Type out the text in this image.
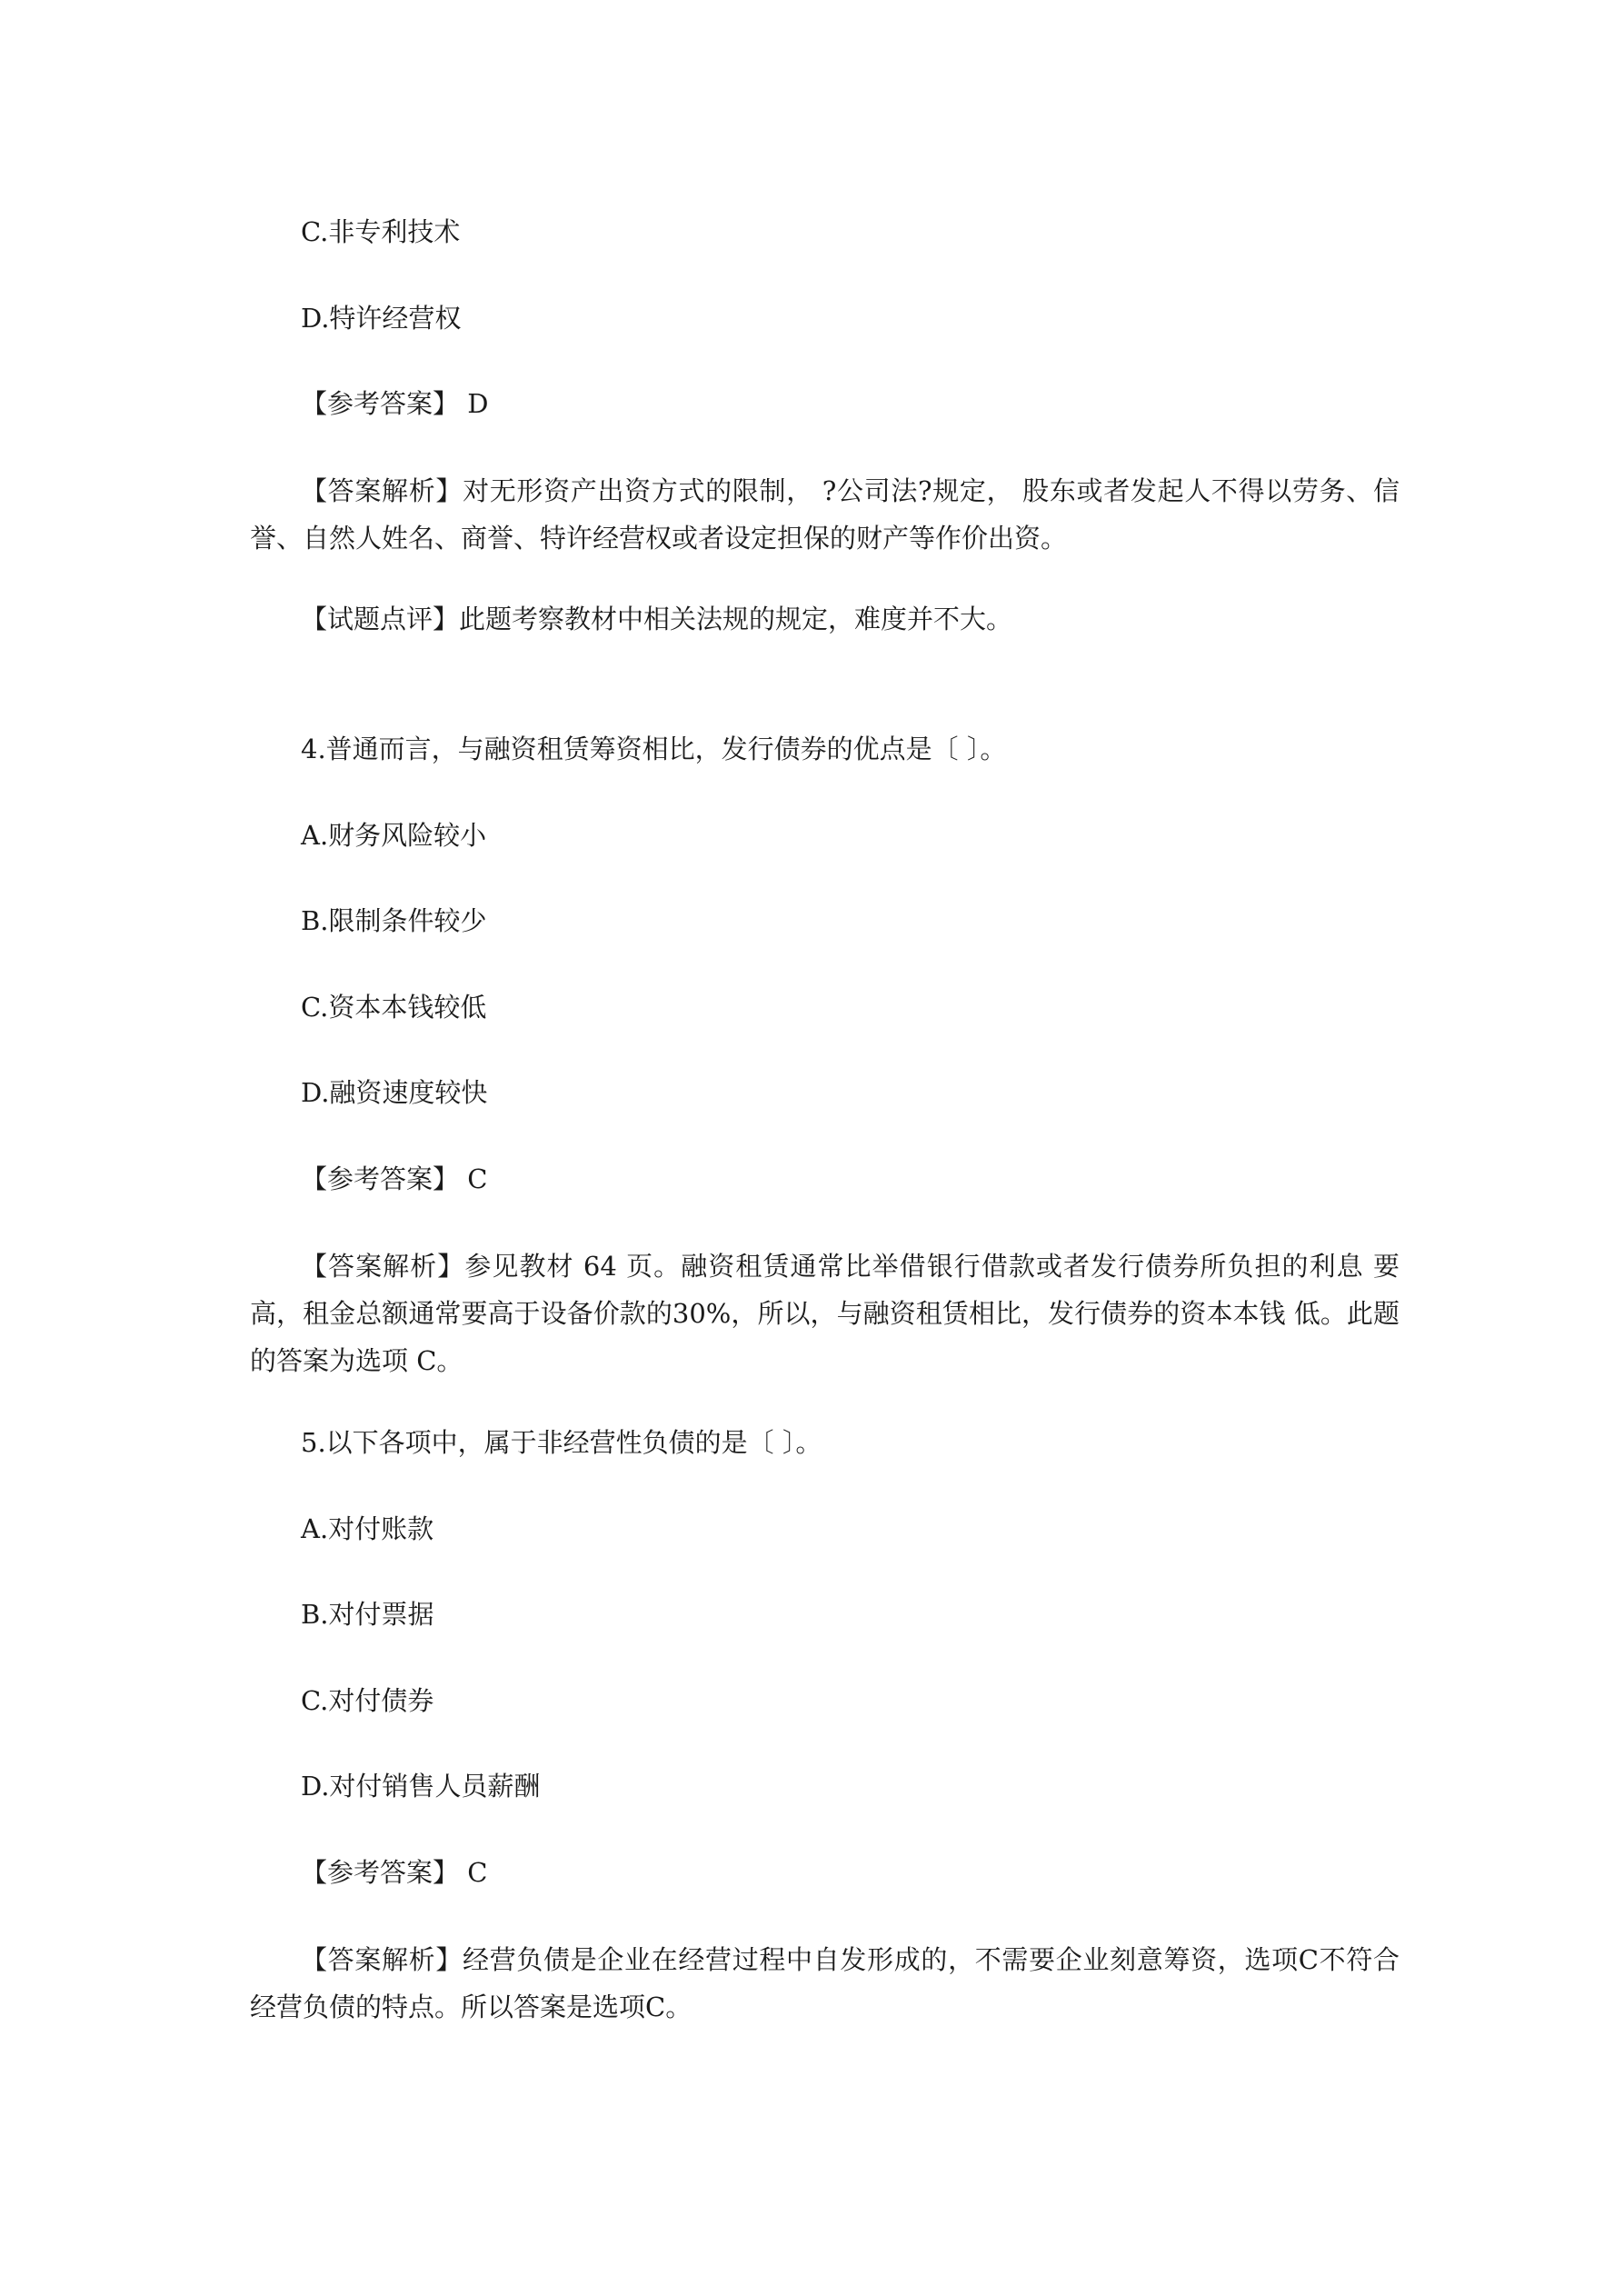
C.非专利技术
D.特许经营权
【参考答案】 D
【答案解析】对无形资产出资方式的限制， ?公司法?规定， 股东或者发起人不得以劳务、信誉、自然人姓名、商誉、特许经营权或者设定担保的财产等作价出资。
【试题点评】此题考察教材中相关法规的规定，难度并不大。
4.普通而言，与融资租赁筹资相比，发行债券的优点是〔 〕。
A.财务风险较小
B.限制条件较少
C.资本本钱较低
D.融资速度较快
【参考答案】 C
【答案解析】参见教材 64 页。融资租赁通常比举借银行借款或者发行债券所负担的利息 要高，租金总额通常要高于设备价款的30%，所以，与融资租赁相比，发行债券的资本本钱 低。此题的答案为选项 C。
5.以下各项中，属于非经营性负债的是〔 〕。
A.对付账款
B.对付票据
C.对付债券
D.对付销售人员薪酬
【参考答案】 C
【答案解析】经营负债是企业在经营过程中自发形成的，不需要企业刻意筹资，选项C不符合经营负债的特点。所以答案是选项C。
